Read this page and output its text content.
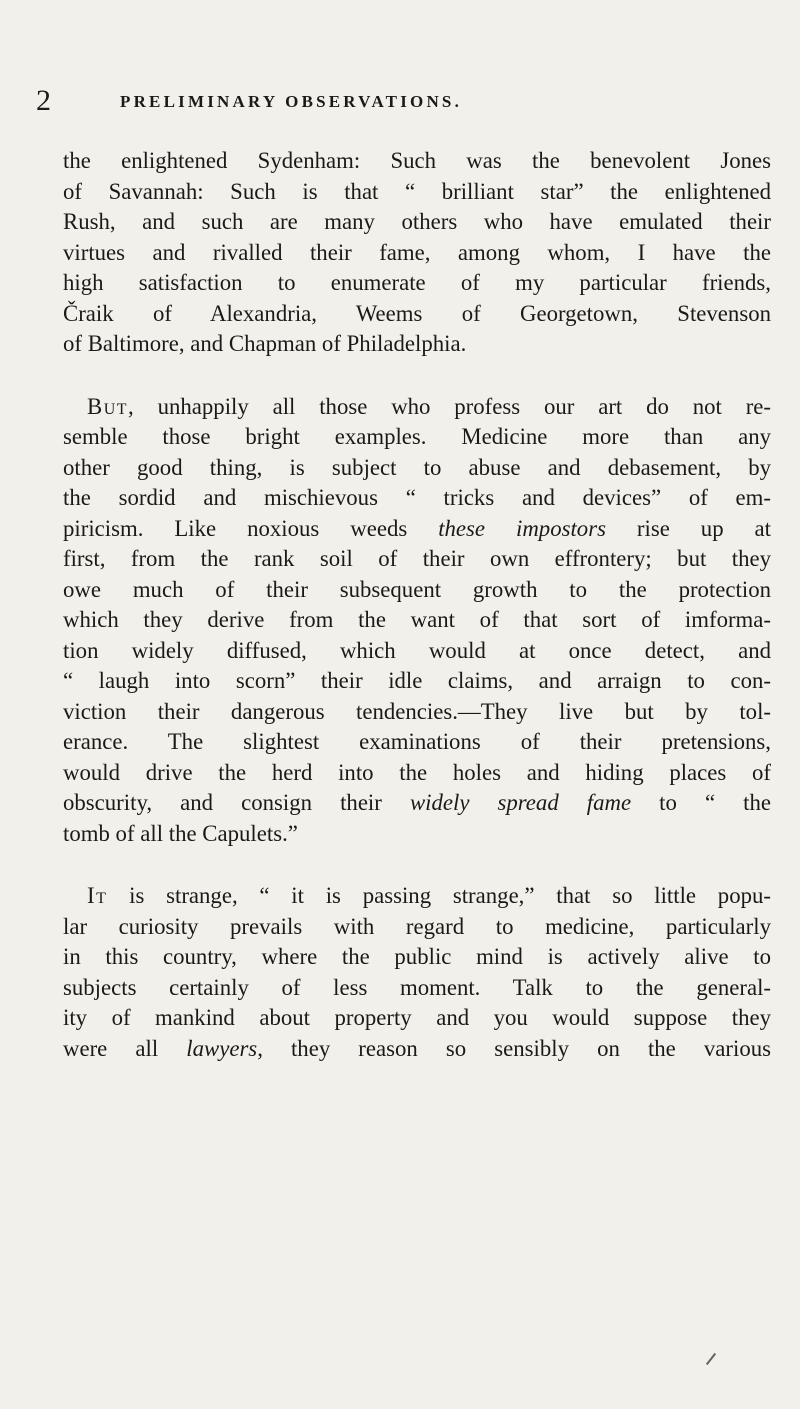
2	PRELIMINARY OBSERVATIONS.
the enlightened Sydenham: Such was the benevolent Jones
of Savannah: Such is that “ brilliant star” the enlightened
Rush, and such are many others who have emulated their
virtues and rivalled their fame, among whom, I have the
high satisfaction to enumerate of my particular friends,
Čraik of Alexandria, Weems of Georgetown, Stevenson
of Baltimore, and Chapman of Philadelphia.
But, unhappily all those who profess our art do not re-
semble those bright examples. Medicine more than any
other good thing, is subject to abuse and debasement, by
the sordid and mischievous “ tricks and devices” of em-
piricism. Like noxious weeds these impostors rise up at
first, from the rank soil of their own effrontery; but they
owe much of their subsequent growth to the protection
which they derive from the want of that sort of imforma-
tion widely diffused, which would at once detect, and
“ laugh into scorn” their idle claims, and arraign to con-
viction their dangerous tendencies.—They live but by tol-
erance. The slightest examinations of their pretensions,
would drive the herd into the holes and hiding places of
obscurity, and consign their widely spread fame to “ the
tomb of all the Capulets.”
It is strange, “ it is passing strange,” that so little popu-
lar curiosity prevails with regard to medicine, particularly
in this country, where the public mind is actively alive to
subjects certainly of less moment. Talk to the general-
ity of mankind about property and you would suppose they
were all lawyers, they reason so sensibly on the various
